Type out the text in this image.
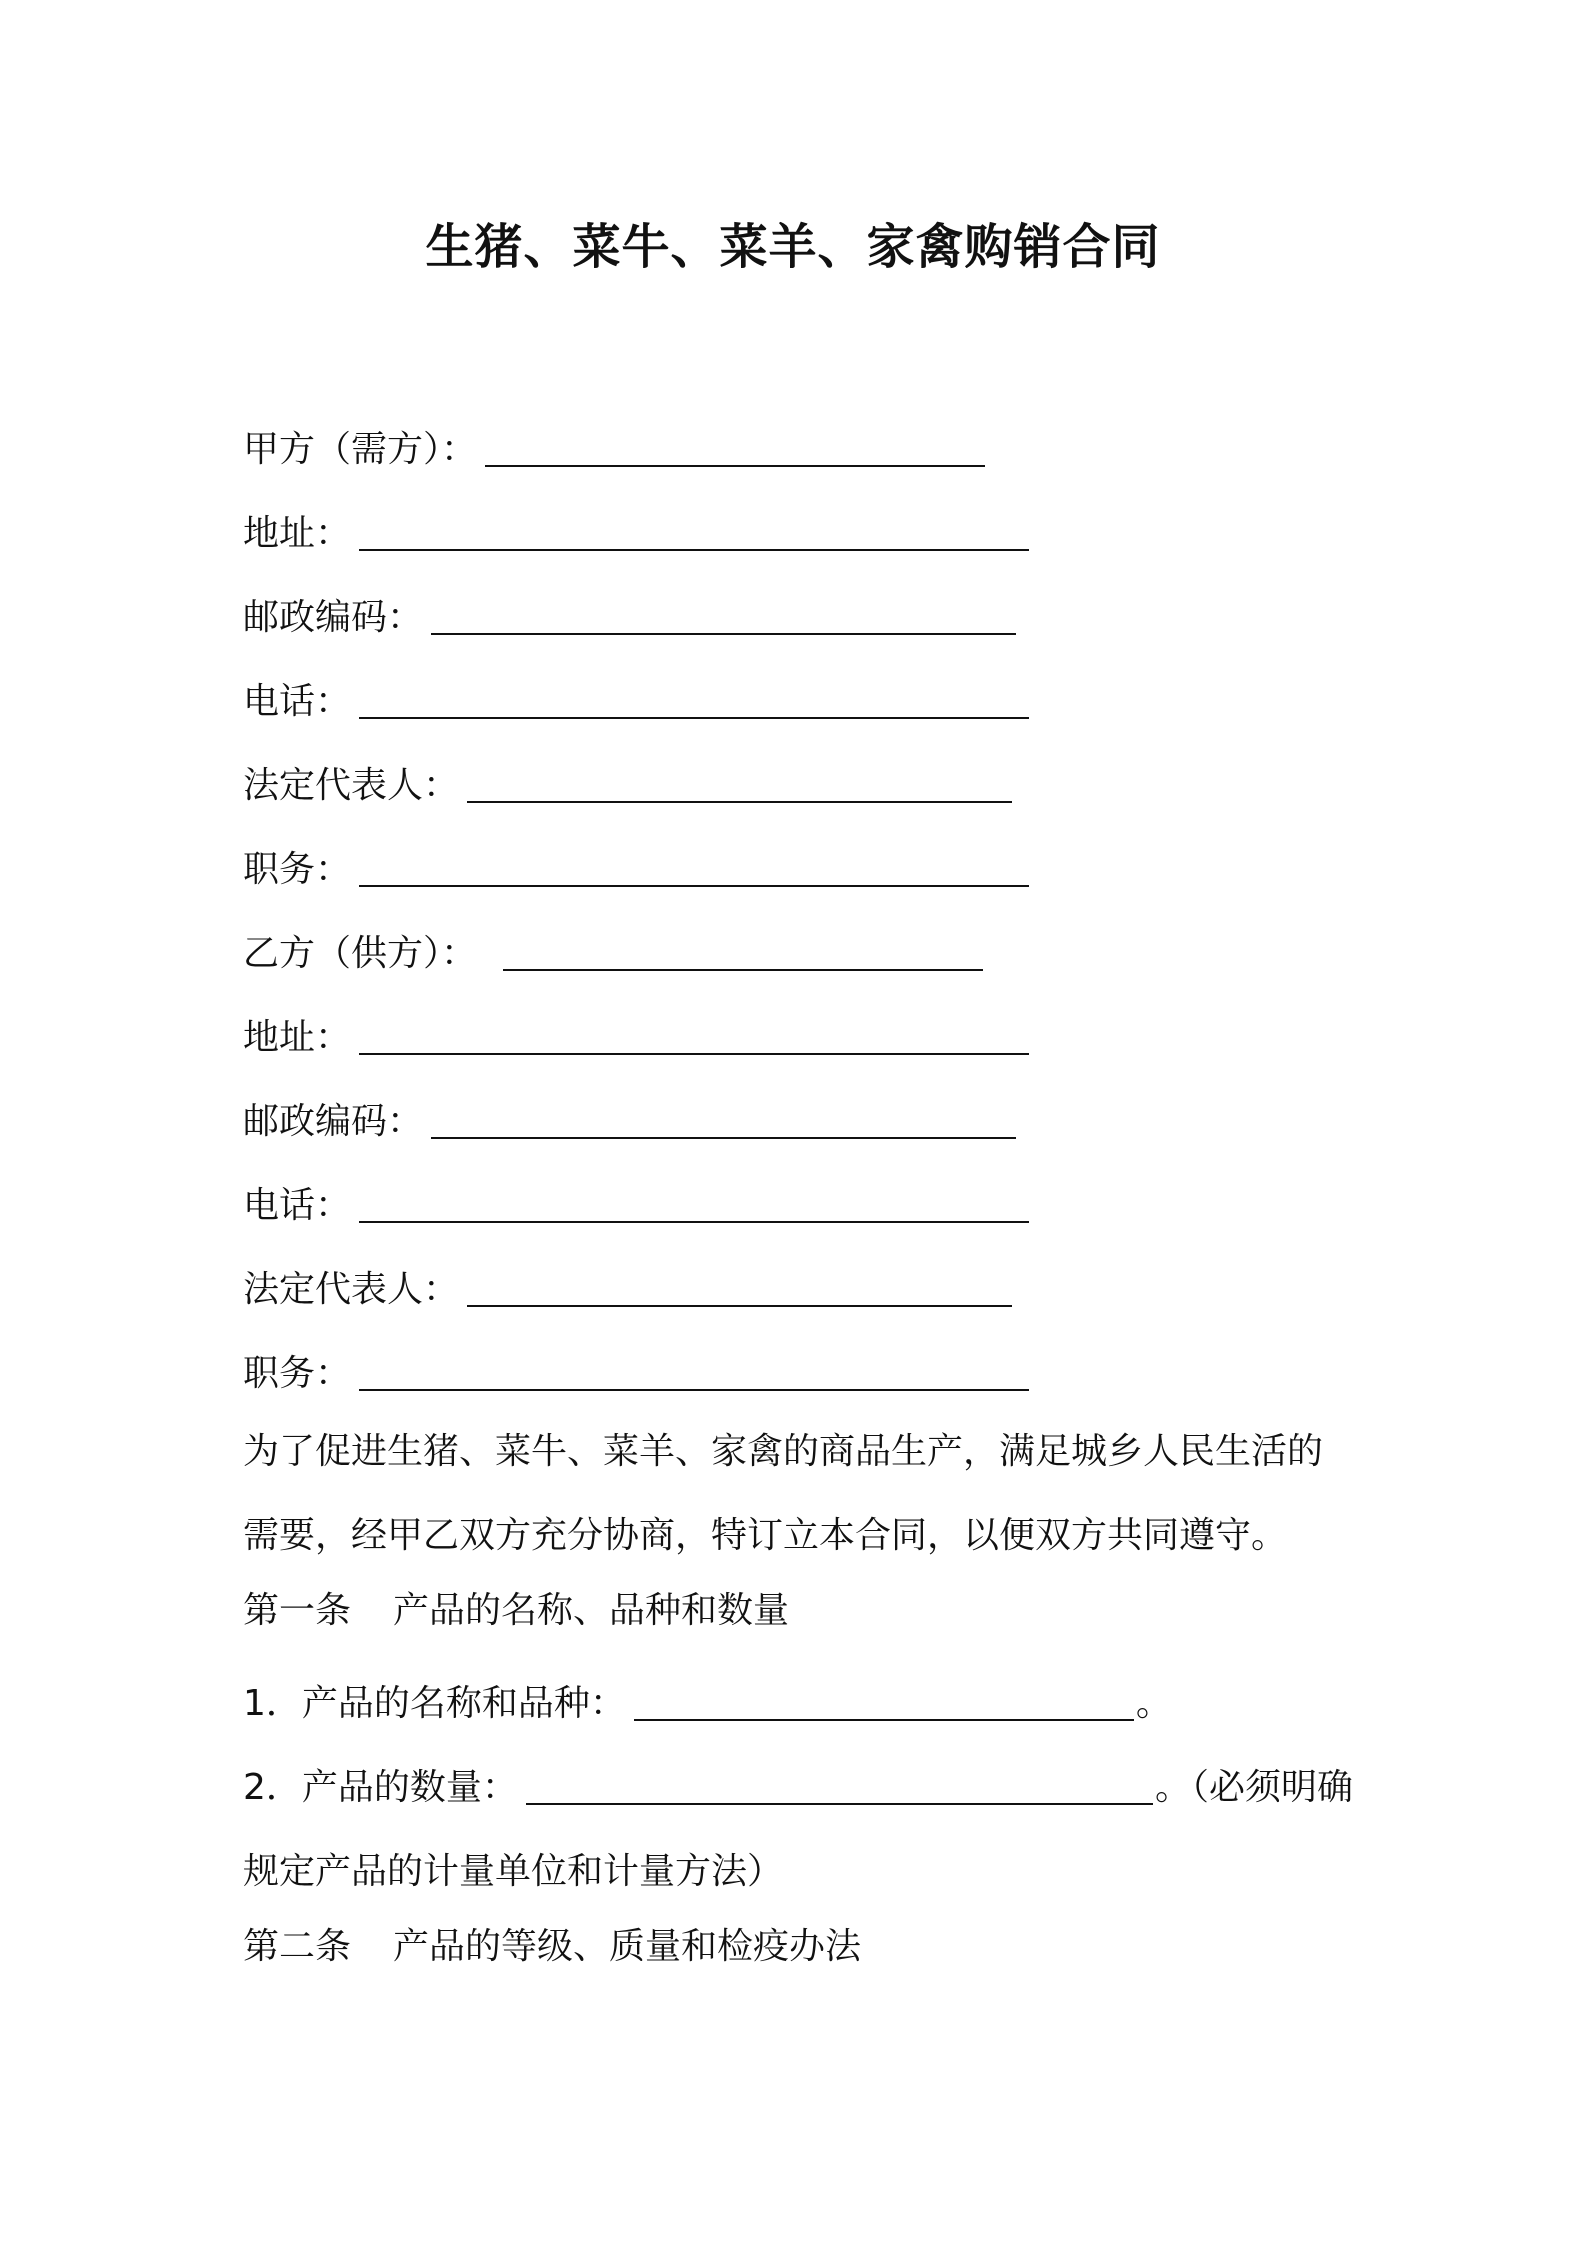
生猪、菜牛、菜羊、家禽购销合同
甲方（需方）：
地址：
邮政编码：
电话：
法定代表人：
职务：
乙方（供方）：
地址：
邮政编码：
电话：
法定代表人：
职务：
为了促进生猪、菜牛、菜羊、家禽的商品生产，满足城乡人民生活的
需要，经甲乙双方充分协商，特订立本合同，以便双方共同遵守。
第一条 产品的名称、品种和数量
1．产品的名称和品种：	。
2．产品的数量：	。（必须明确
规定产品的计量单位和计量方法）
第二条 产品的等级、质量和检疫办法
